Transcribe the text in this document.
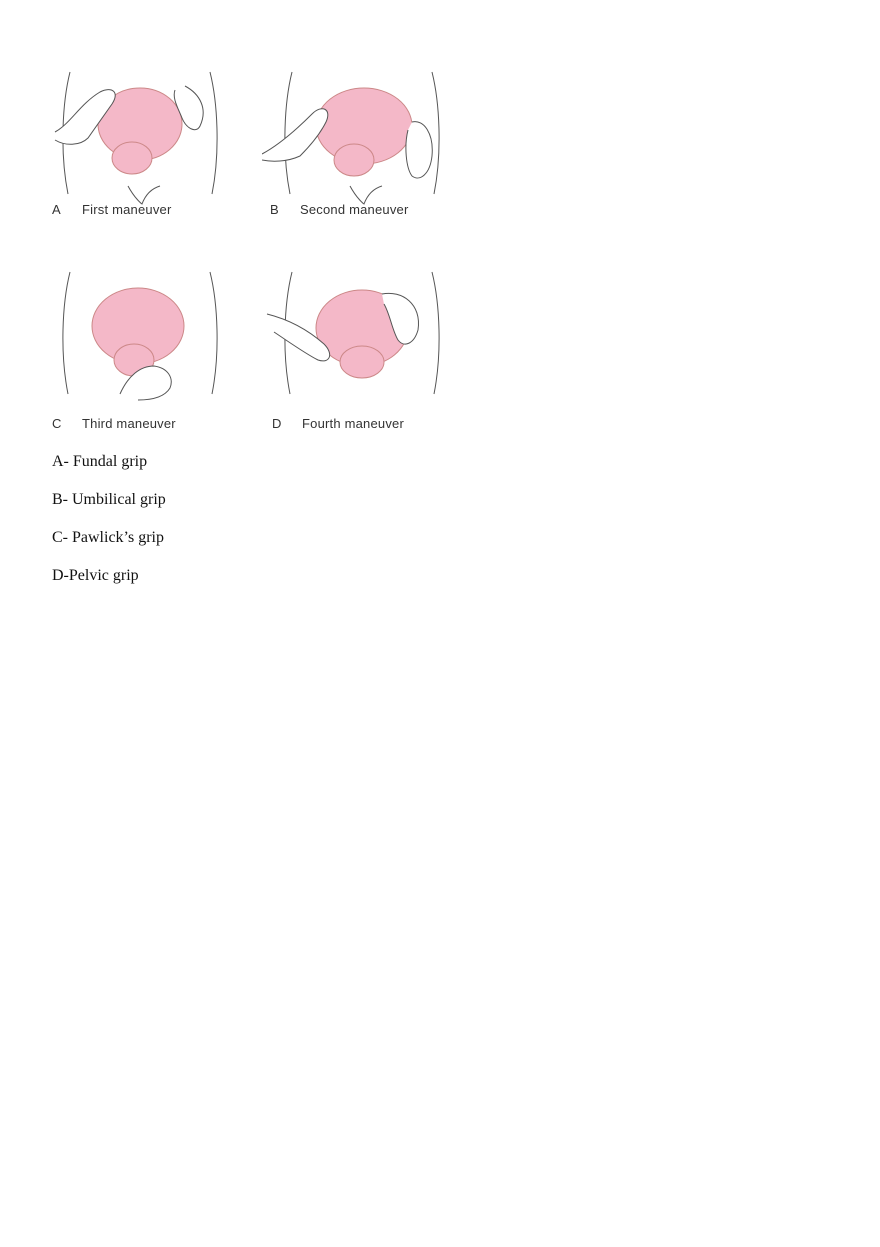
A First maneuver	B Second maneuver
C Third maneuver	D Fourth maneuver
A- Fundal grip
B- Umbilical grip
C- Pawlick’s grip
D-Pelvic grip
